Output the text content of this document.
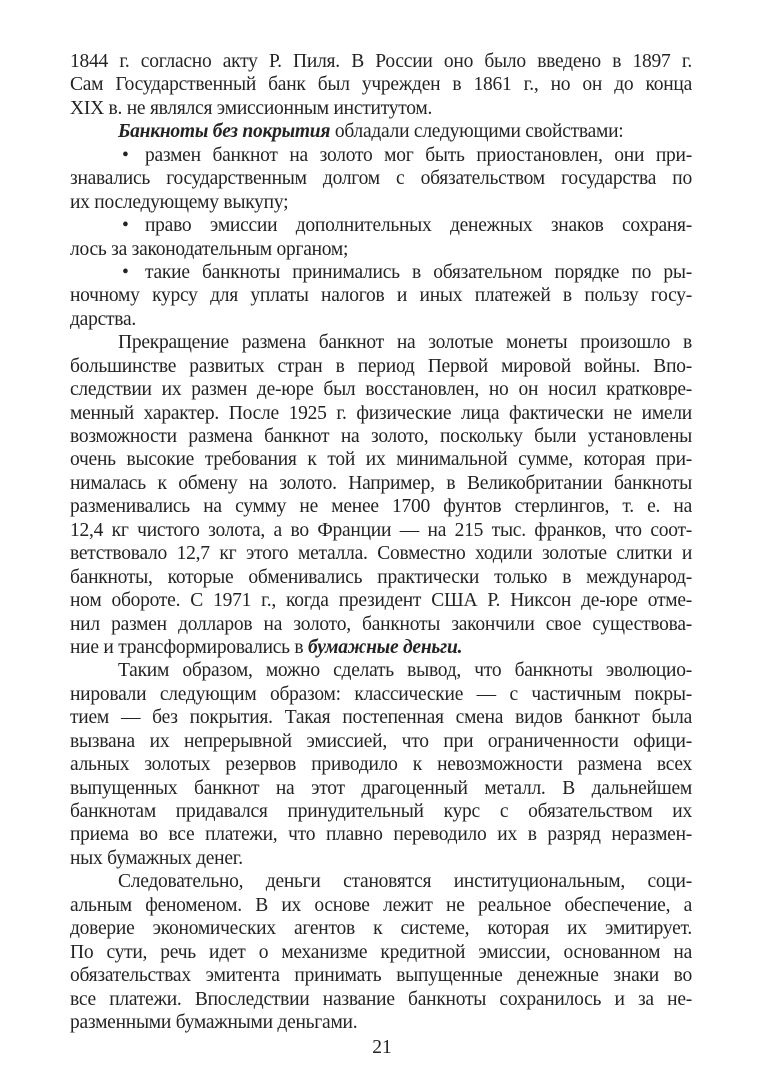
1844 г. согласно акту Р. Пиля. В России оно было введено в 1897 г.
Сам Государственный банк был учрежден в 1861 г., но он до конца
XIX в. не являлся эмиссионным институтом.
Банкноты без покрытия обладали следующими свойствами:
• размен банкнот на золото мог быть приостановлен, они при-
знавались государственным долгом с обязательством государства по
их последующему выкупу;
• право эмиссии дополнительных денежных знаков сохраня-
лось за законодательным органом;
• такие банкноты принимались в обязательном порядке по ры-
ночному курсу для уплаты налогов и иных платежей в пользу госу-
дарства.
Прекращение размена банкнот на золотые монеты произошло в
большинстве развитых стран в период Первой мировой войны. Впо-
следствии их размен де-юре был восстановлен, но он носил кратковре-
менный характер. После 1925 г. физические лица фактически не имели
возможности размена банкнот на золото, поскольку были установлены
очень высокие требования к той их минимальной сумме, которая при-
нималась к обмену на золото. Например, в Великобритании банкноты
разменивались на сумму не менее 1700 фунтов стерлингов, т. е. на
12,4 кг чистого золота, а во Франции — на 215 тыс. франков, что соот-
ветствовало 12,7 кг этого металла. Совместно ходили золотые слитки и
банкноты, которые обменивались практически только в международ-
ном обороте. С 1971 г., когда президент США Р. Никсон де-юре отме-
нил размен долларов на золото, банкноты закончили свое существова-
ние и трансформировались в бумажные деньги.
Таким образом, можно сделать вывод, что банкноты эволюцио-
нировали следующим образом: классические — с частичным покры-
тием — без покрытия. Такая постепенная смена видов банкнот была
вызвана их непрерывной эмиссией, что при ограниченности офици-
альных золотых резервов приводило к невозможности размена всех
выпущенных банкнот на этот драгоценный металл. В дальнейшем
банкнотам придавался принудительный курс с обязательством их
приема во все платежи, что плавно переводило их в разряд неразмен-
ных бумажных денег.
Следовательно, деньги становятся институциональным, соци-
альным феноменом. В их основе лежит не реальное обеспечение, а
доверие экономических агентов к системе, которая их эмитирует.
По сути, речь идет о механизме кредитной эмиссии, основанном на
обязательствах эмитента принимать выпущенные денежные знаки во
все платежи. Впоследствии название банкноты сохранилось и за не-
разменными бумажными деньгами.
21
